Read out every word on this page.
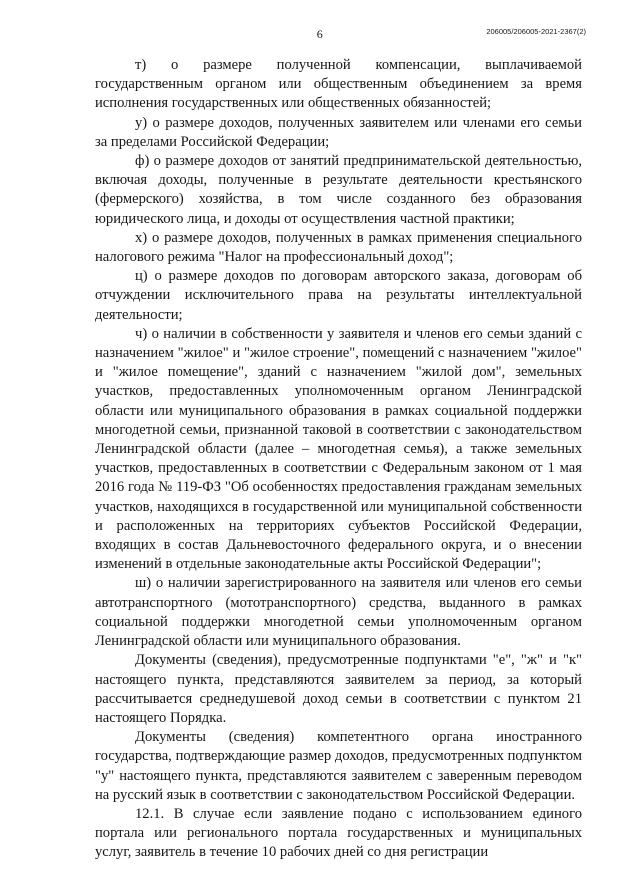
6	206005/206005-2021-2367(2)

т) о размере полученной компенсации, выплачиваемой государственным органом или общественным объединением за время исполнения государственных или общественных обязанностей;

у) о размере доходов, полученных заявителем или членами его семьи за пределами Российской Федерации;

ф) о размере доходов от занятий предпринимательской деятельностью, включая доходы, полученные в результате деятельности крестьянского (фермерского) хозяйства, в том числе созданного без образования юридического лица, и доходы от осуществления частной практики;

х) о размере доходов, полученных в рамках применения специального налогового режима "Налог на профессиональный доход";

ц) о размере доходов по договорам авторского заказа, договорам об отчуждении исключительного права на результаты интеллектуальной деятельности;

ч) о наличии в собственности у заявителя и членов его семьи зданий с назначением "жилое" и "жилое строение", помещений с назначением "жилое" и "жилое помещение", зданий с назначением "жилой дом", земельных участков, предоставленных уполномоченным органом Ленинградской области или муниципального образования в рамках социальной поддержки многодетной семьи, признанной таковой в соответствии с законодательством Ленинградской области (далее – многодетная семья), а также земельных участков, предоставленных в соответствии с Федеральным законом от 1 мая 2016 года № 119-ФЗ "Об особенностях предоставления гражданам земельных участков, находящихся в государственной или муниципальной собственности и расположенных на территориях субъектов Российской Федерации, входящих в состав Дальневосточного федерального округа, и о внесении изменений в отдельные законодательные акты Российской Федерации";

ш) о наличии зарегистрированного на заявителя или членов его семьи автотранспортного (мототранспортного) средства, выданного в рамках социальной поддержки многодетной семьи уполномоченным органом Ленинградской области или муниципального образования.

Документы (сведения), предусмотренные подпунктами "е", "ж" и "к" настоящего пункта, представляются заявителем за период, за который рассчитывается среднедушевой доход семьи в соответствии с пунктом 21 настоящего Порядка.

Документы (сведения) компетентного органа иностранного государства, подтверждающие размер доходов, предусмотренных подпунктом "у" настоящего пункта, представляются заявителем с заверенным переводом на русский язык в соответствии с законодательством Российской Федерации.

12.1. В случае если заявление подано с использованием единого портала или регионального портала государственных и муниципальных услуг, заявитель в течение 10 рабочих дней со дня регистрации
